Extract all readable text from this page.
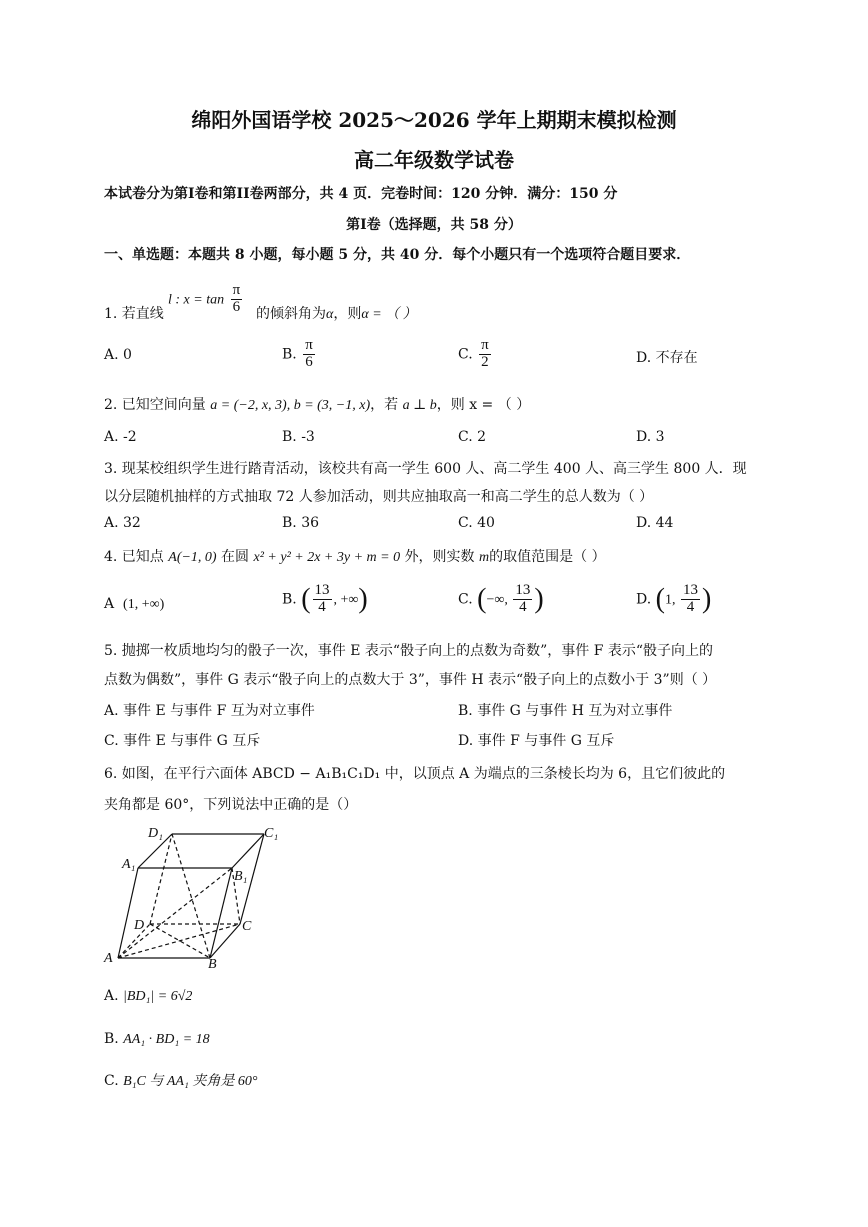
绵阳外国语学校 2025～2026 学年上期期末模拟检测
高二年级数学试卷
本试卷分为第I卷和第II卷两部分，共 4 页．完卷时间：120 分钟．满分：150 分
第I卷（选择题，共 58 分）
一、单选题：本题共 8 小题，每小题 5 分，共 40 分．每个小题只有一个选项符合题目要求．
l : $x = \tan \frac{\pi}{6}$
1. 若直线	的倾斜角为α，则α = （ ）
A. 0	B. $\frac{\pi}{6}$	C. $\frac{\pi}{2}$	D. 不存在
2. 已知空间向量 a = (−2, x, 3), b = (3, −1, x)，若 a ⊥ b，则 x = （ ）
A. -2	B. -3	C. 2	D. 3
3. 现某校组织学生进行踏青活动，该校共有高一学生 600 人、高二学生 400 人、高三学生 800 人．现
以分层随机抽样的方式抽取 72 人参加活动，则共应抽取高一和高二学生的总人数为（ ）
A. 32	B. 36	C. 40	D. 44
4. 已知点 A(−1, 0) 在圆 x² + y² + 2x + 3y + m = 0 外，则实数 m的取值范围是（ ）
A (1, +∞)	B. ( $\frac{13}{4}$ , +∞)	C. (−∞, $\frac{13}{4}$ )	D. (1, $\frac{13}{4}$ )
5. 抛掷一枚质地均匀的骰子一次，事件 E 表示“骰子向上的点数为奇数”，事件 F 表示“骰子向上的
点数为偶数”，事件 G 表示“骰子向上的点数大于 3”，事件 H 表示“骰子向上的点数小于 3”则（ ）
A. 事件 E 与事件 F 互为对立事件	B. 事件 G 与事件 H 互为对立事件
C. 事件 E 与事件 G 互斥	D. 事件 F 与事件 G 互斥
6. 如图，在平行六面体 ABCD − A₁B₁C₁D₁ 中，以顶点 A 为端点的三条棱长均为 6，且它们彼此的
夹角都是 60°，下列说法中正确的是（）
D₁	C₁
A₁
B₁
D	C
A	B
A. |BD₁| = 6√2
B. AA₁ · BD₁ = 18
C. B₁C 与 AA₁ 夹角是 60°
